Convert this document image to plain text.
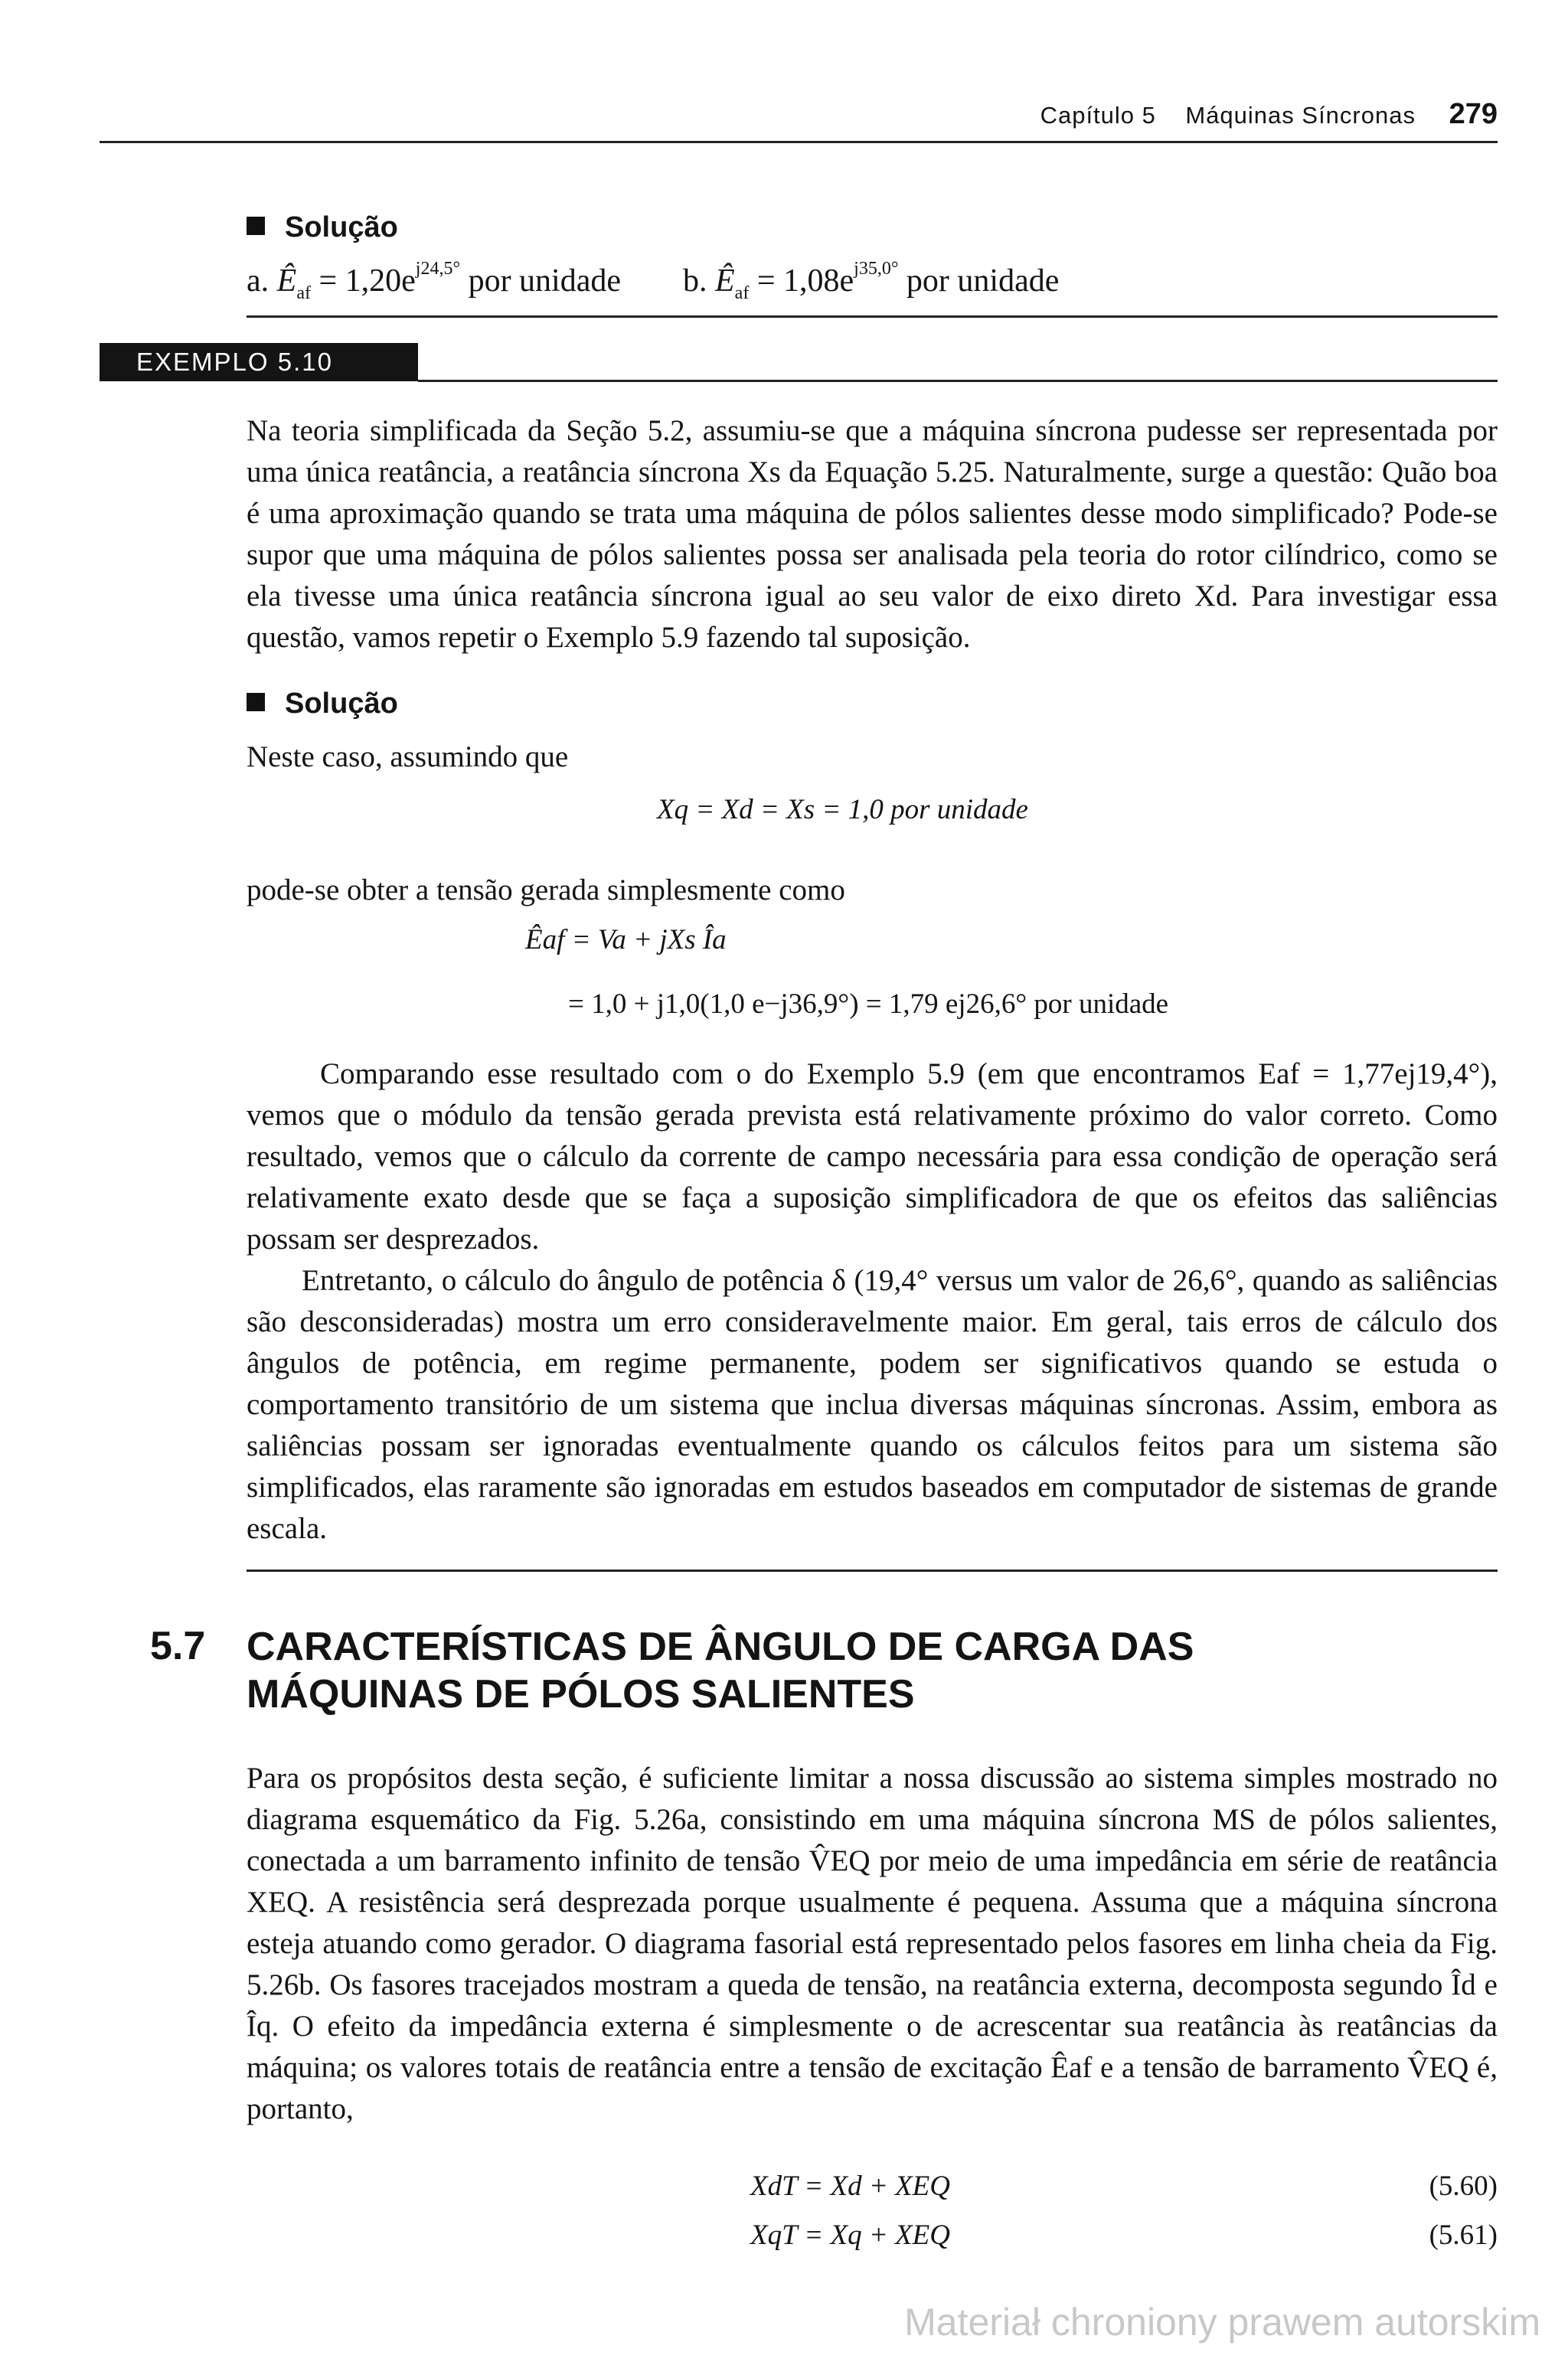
Capítulo 5 Máquinas Síncronas 279
Solução
a. $Ê_{af} = 1,20e^{j24,5^\circ}$ por unidade b. $Ê_{af} = 1,08e^{j35,0^\circ}$ por unidade
EXEMPLO 5.10
Na teoria simplificada da Seção 5.2, assumiu-se que a máquina síncrona pudesse ser representada por uma única reatância, a reatância síncrona Xs da Equação 5.25. Naturalmente, surge a questão: Quão boa é uma aproximação quando se trata uma máquina de pólos salientes desse modo simplificado? Pode-se supor que uma máquina de pólos salientes possa ser analisada pela teoria do rotor cilíndrico, como se ela tivesse uma única reatância síncrona igual ao seu valor de eixo direto Xd. Para investigar essa questão, vamos repetir o Exemplo 5.9 fazendo tal suposição.
Solução
Neste caso, assumindo que
Xq = Xd = Xs = 1,0 por unidade
pode-se obter a tensão gerada simplesmente como
Êaf = Va + jXs Îa
= 1,0 + j1,0(1,0 e−j36,9°) = 1,79 ej26,6° por unidade
Comparando esse resultado com o do Exemplo 5.9 (em que encontramos Eaf = 1,77ej19,4°), vemos que o módulo da tensão gerada prevista está relativamente próximo do valor correto. Como resultado, vemos que o cálculo da corrente de campo necessária para essa condição de operação será relativamente exato desde que se faça a suposição simplificadora de que os efeitos das saliências possam ser desprezados.
Entretanto, o cálculo do ângulo de potência δ (19,4° versus um valor de 26,6°, quando as saliências são desconsideradas) mostra um erro consideravelmente maior. Em geral, tais erros de cálculo dos ângulos de potência, em regime permanente, podem ser significativos quando se estuda o comportamento transitório de um sistema que inclua diversas máquinas síncronas. Assim, embora as saliências possam ser ignoradas eventualmente quando os cálculos feitos para um sistema são simplificados, elas raramente são ignoradas em estudos baseados em computador de sistemas de grande escala.
5.7 CARACTERÍSTICAS DE ÂNGULO DE CARGA DAS
MÁQUINAS DE PÓLOS SALIENTES
Para os propósitos desta seção, é suficiente limitar a nossa discussão ao sistema simples mostrado no diagrama esquemático da Fig. 5.26a, consistindo em uma máquina síncrona MS de pólos salientes, conectada a um barramento infinito de tensão V̂EQ por meio de uma impedância em série de reatância XEQ. A resistência será desprezada porque usualmente é pequena. Assuma que a máquina síncrona esteja atuando como gerador. O diagrama fasorial está representado pelos fasores em linha cheia da Fig. 5.26b. Os fasores tracejados mostram a queda de tensão, na reatância externa, decomposta segundo Îd e Îq. O efeito da impedância externa é simplesmente o de acrescentar sua reatância às reatâncias da máquina; os valores totais de reatância entre a tensão de excitação Êaf e a tensão de barramento V̂EQ é, portanto,
XdT = Xd + XEQ	(5.60)
XqT = Xq + XEQ	(5.61)
Materiał chroniony prawem autorskim
